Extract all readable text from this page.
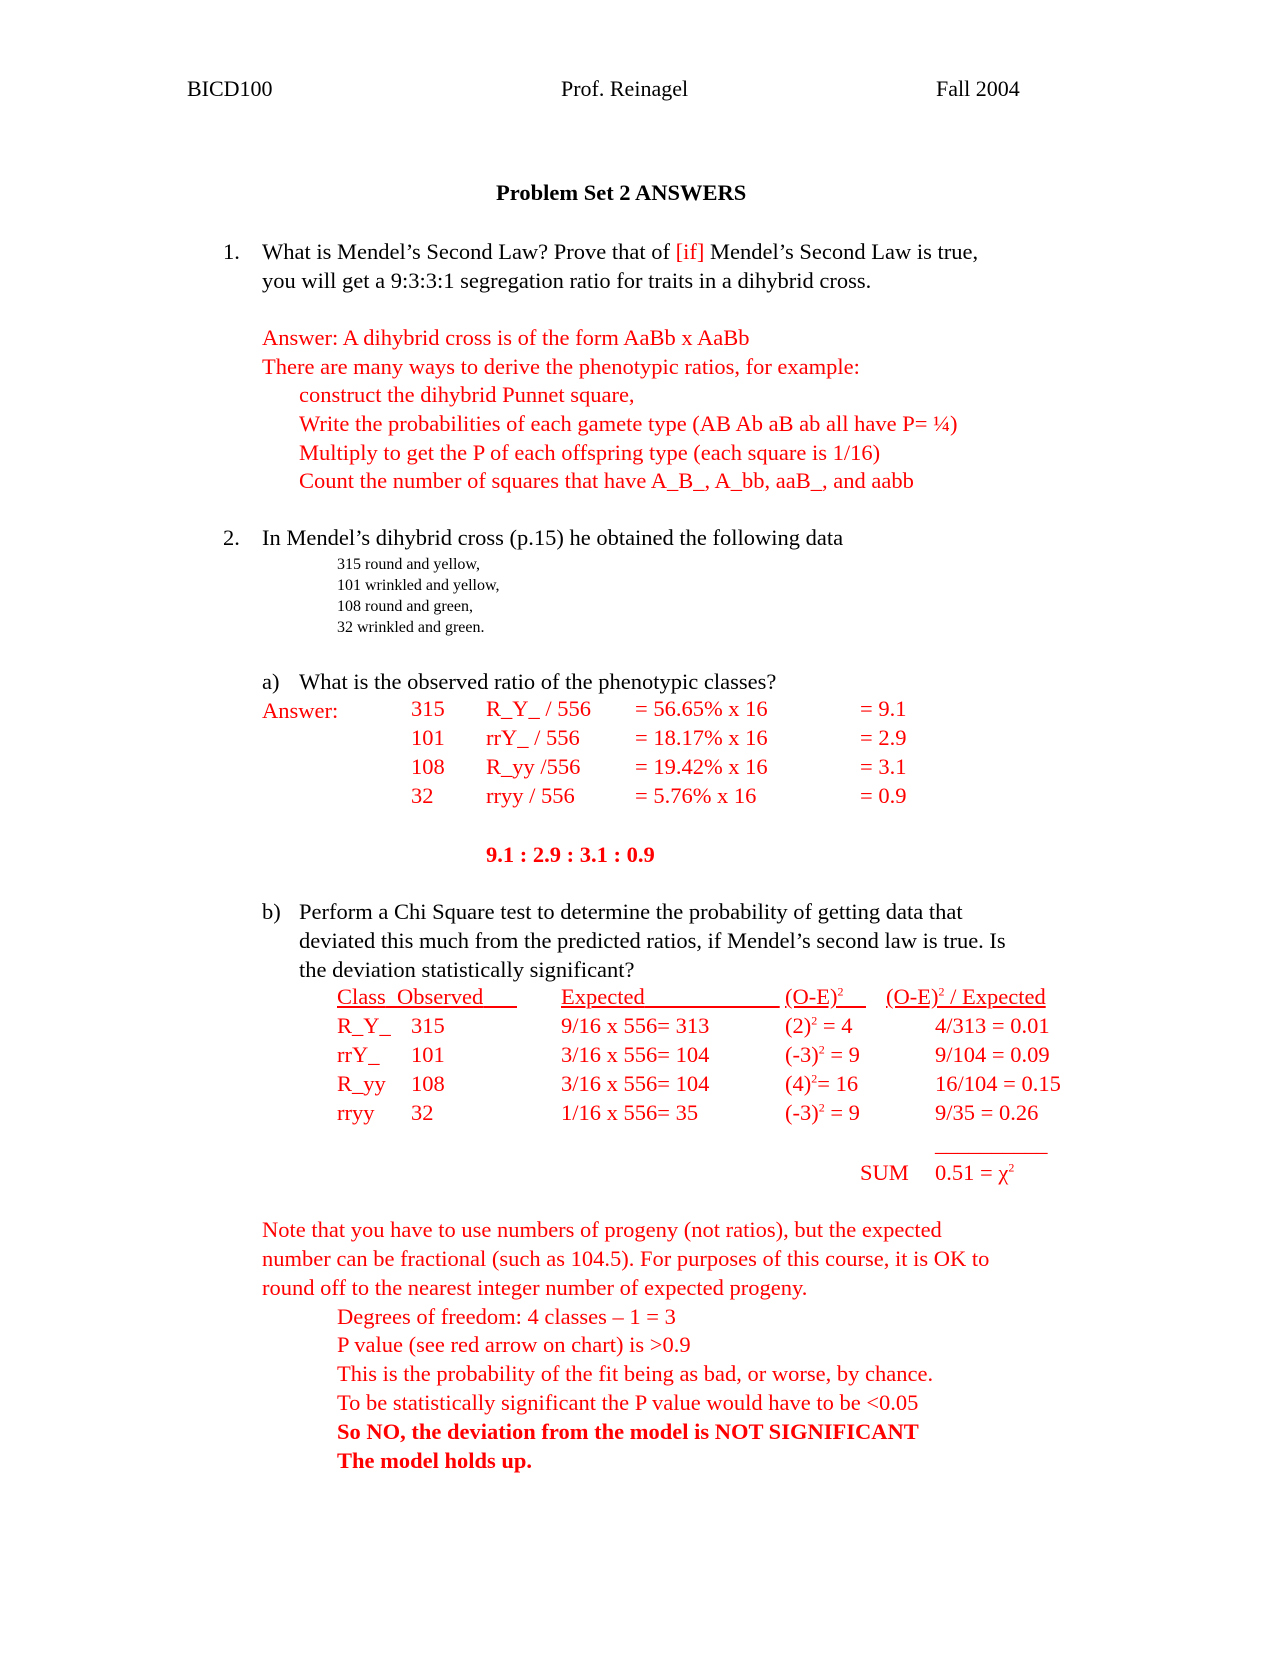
BICD100	Prof. Reinagel	Fall 2004
Problem Set 2 ANSWERS
1. What is Mendel’s Second Law? Prove that of [if] Mendel’s Second Law is true,
you will get a 9:3:3:1 segregation ratio for traits in a dihybrid cross.
Answer: A dihybrid cross is of the form AaBb x AaBb
There are many ways to derive the phenotypic ratios, for example:
construct the dihybrid Punnet square,
Write the probabilities of each gamete type (AB Ab aB ab all have P= ¼)
Multiply to get the P of each offspring type (each square is 1/16)
Count the number of squares that have A_B_, A_bb, aaB_, and aabb
2. In Mendel’s dihybrid cross (p.15) he obtained the following data
315 round and yellow,
101 wrinkled and yellow,
108 round and green,
32 wrinkled and green.
a) What is the observed ratio of the phenotypic classes?
Answer:	315 R_Y_ / 556 = 56.65% x 16	= 9.1
101 rrY_ / 556 = 18.17% x 16	= 2.9
108 R_yy /556 = 19.42% x 16	= 3.1
32 rryy / 556	= 5.76% x 16	= 0.9
9.1 : 2.9 : 3.1 : 0.9
b) Perform a Chi Square test to determine the probability of getting data that
deviated this much from the predicted ratios, if Mendel’s second law is true. Is
the deviation statistically significant?
Class Observed	Expected	$(O-E)^2$	$(O-E)^2$ / Expected
R_Y_ 315	9/16 x 556= 313	$(2)^2 = 4$	4/313 = 0.01
rrY_ 101	3/16 x 556= 104	$(-3)^2 = 9$	9/104 = 0.09
R_yy 108	3/16 x 556= 104	$(4)^2= 16$	16/104 = 0.15
rryy 32	1/16 x 556= 35	$(-3)^2 = 9$	9/35 = 0.26
__________
SUM $0.51 = \chi^2$
Note that you have to use numbers of progeny (not ratios), but the expected
number can be fractional (such as 104.5). For purposes of this course, it is OK to
round off to the nearest integer number of expected progeny.
Degrees of freedom: 4 classes – 1 = 3
P value (see red arrow on chart) is >0.9
This is the probability of the fit being as bad, or worse, by chance.
To be statistically significant the P value would have to be <0.05
So NO, the deviation from the model is NOT SIGNIFICANT
The model holds up.
